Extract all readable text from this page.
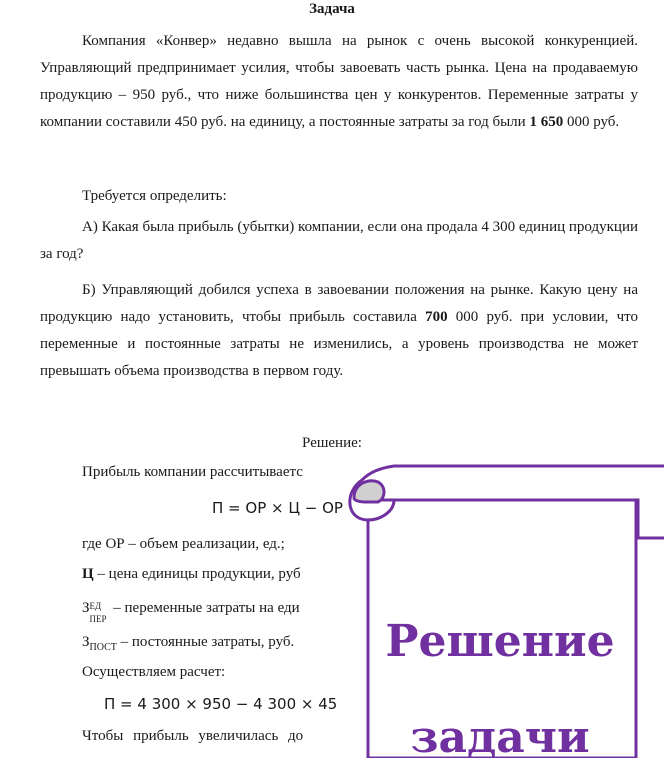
Задача

Компания «Конвер» недавно вышла на рынок с очень высокой конкуренцией. Управляющий предпринимает усилия, чтобы завоевать часть рынка. Цена на продаваемую продукцию – 950 руб., что ниже большинства цен у конкурентов. Переменные затраты у компании составили 450 руб. на единицу, а постоянные затраты за год были 1 650 000 руб.

Требуется определить:

А) Какая была прибыль (убытки) компании, если она продала 4 300 единиц продукции за год?

Б) Управляющий добился успеха в завоевании положения на рынке. Какую цену на продукцию надо установить, чтобы прибыль составила 700 000 руб. при условии, что переменные и постоянные затраты не изменились, а уровень производства не может превышать объема производства в первом году.

Решение:
Прибыль компании рассчитываетс
П = ОР × Ц − ОР
где ОР – объем реализации, ед.;
Ц – цена единицы продукции, руб
З ЕД
ПЕР
– переменные затраты на еди
$З_{ПОСТ}$ – постоянные затраты, руб.
Осуществляем расчет:
П = 4 300 × 950 − 4 300 × 45
Чтобы прибыль увеличилась до
Решение
задачи
